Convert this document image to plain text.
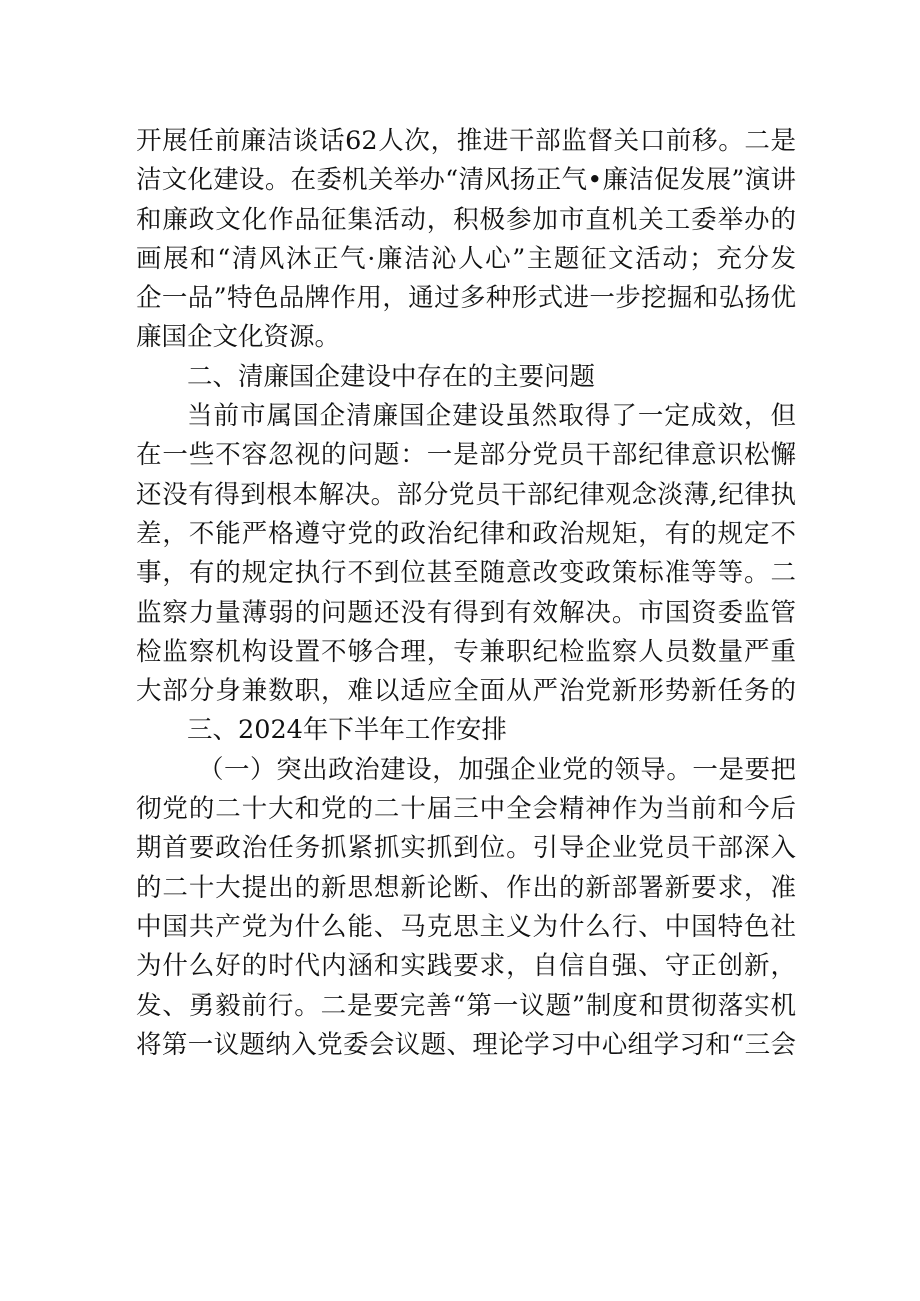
开展任前廉洁谈话62人次，推进干部监督关口前移。二是
洁文化建设。在委机关举办“清风扬正气•廉洁促发展”演讲
和廉政文化作品征集活动，积极参加市直机关工委举办的
画展和“清风沐正气·廉洁沁人心”主题征文活动；充分发
企一品”特色品牌作用，通过多种形式进一步挖掘和弘扬优
廉国企文化资源。
二、清廉国企建设中存在的主要问题
当前市属国企清廉国企建设虽然取得了一定成效，但
在一些不容忽视的问题：一是部分党员干部纪律意识松懈
还没有得到根本解决。部分党员干部纪律观念淡薄,纪律执
差，不能严格遵守党的政治纪律和政治规矩，有的规定不
事，有的规定执行不到位甚至随意改变政策标准等等。二
监察力量薄弱的问题还没有得到有效解决。市国资委监管
检监察机构设置不够合理，专兼职纪检监察人员数量严重
大部分身兼数职，难以适应全面从严治党新形势新任务的
三、2024年下半年工作安排
（一）突出政治建设，加强企业党的领导。一是要把
彻党的二十大和党的二十届三中全会精神作为当前和今后
期首要政治任务抓紧抓实抓到位。引导企业党员干部深入
的二十大提出的新思想新论断、作出的新部署新要求，准
中国共产党为什么能、马克思主义为什么行、中国特色社
为什么好的时代内涵和实践要求，自信自强、守正创新，
发、勇毅前行。二是要完善“第一议题”制度和贯彻落实机
将第一议题纳入党委会议题、理论学习中心组学习和“三会
